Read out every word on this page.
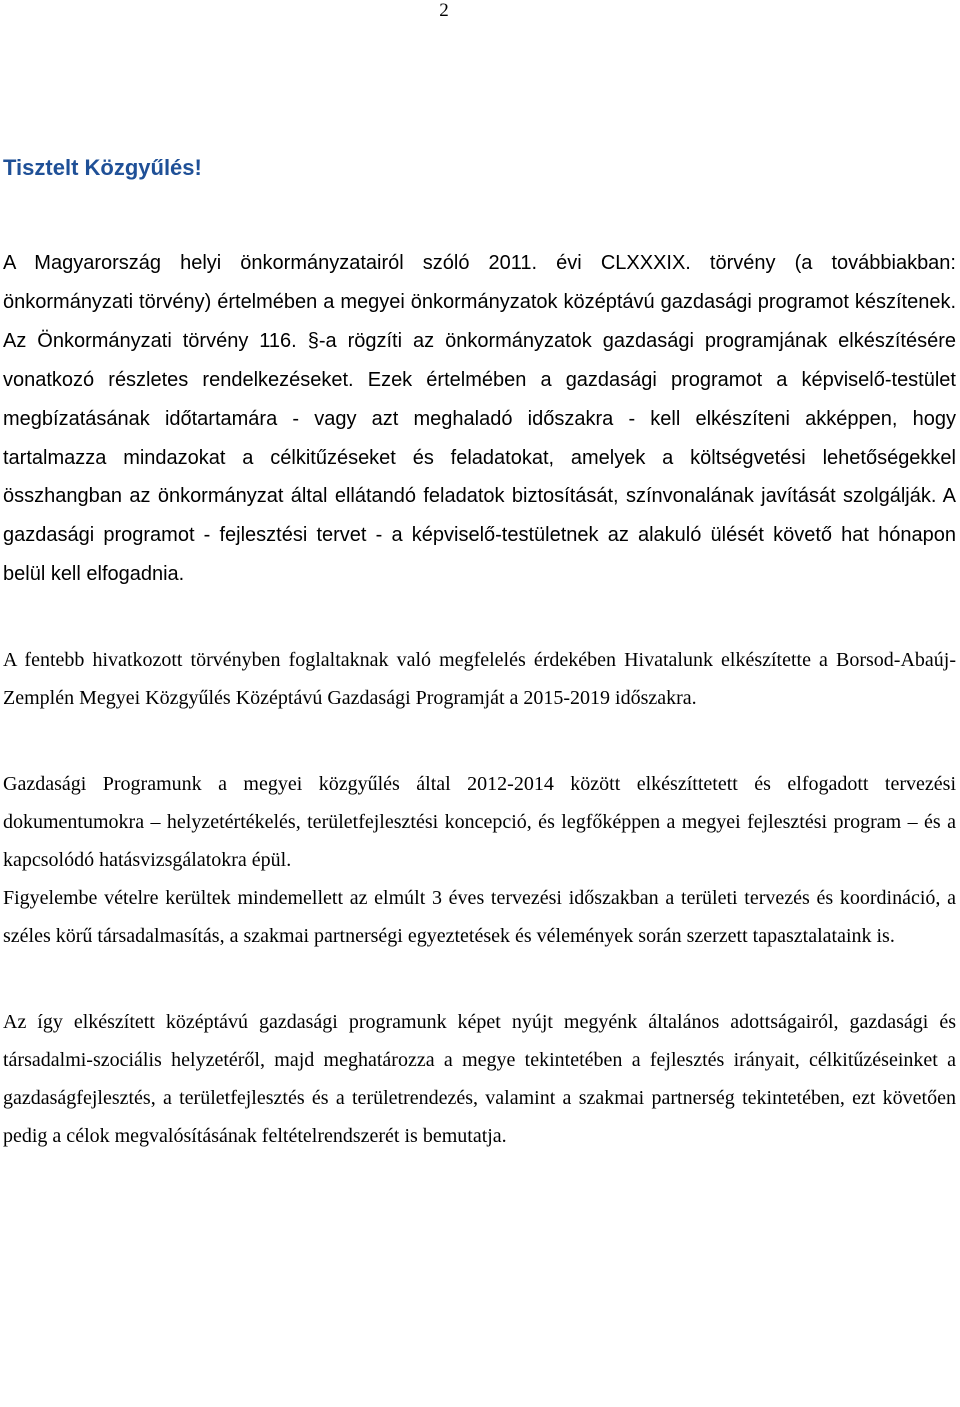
2
Tisztelt Közgyűlés!

A Magyarország helyi önkormányzatairól szóló 2011. évi CLXXXIX. törvény (a továbbiakban: önkormányzati törvény) értelmében a megyei önkormányzatok középtávú gazdasági programot készítenek. Az Önkormányzati törvény 116. §-a rögzíti az önkormányzatok gazdasági programjának elkészítésére vonatkozó részletes rendelkezéseket. Ezek értelmében a gazdasági programot a képviselő-testület megbízatásának időtartamára - vagy azt meghaladó időszakra - kell elkészíteni akképpen, hogy tartalmazza mindazokat a célkitűzéseket és feladatokat, amelyek a költségvetési lehetőségekkel összhangban az önkormányzat által ellátandó feladatok biztosítását, színvonalának javítását szolgálják. A gazdasági programot - fejlesztési tervet - a képviselő-testületnek az alakuló ülését követő hat hónapon belül kell elfogadnia.

A fentebb hivatkozott törvényben foglaltaknak való megfelelés érdekében Hivatalunk elkészítette a Borsod-Abaúj-Zemplén Megyei Közgyűlés Középtávú Gazdasági Programját a 2015-2019 időszakra.

Gazdasági Programunk a megyei közgyűlés által 2012-2014 között elkészíttetett és elfogadott tervezési dokumentumokra – helyzetértékelés, területfejlesztési koncepció, és legfőképpen a megyei fejlesztési program – és a kapcsolódó hatásvizsgálatokra épül.

Figyelembe vételre kerültek mindemellett az elmúlt 3 éves tervezési időszakban a területi tervezés és koordináció, a széles körű társadalmasítás, a szakmai partnerségi egyeztetések és vélemények során szerzett tapasztalataink is.

Az így elkészített középtávú gazdasági programunk képet nyújt megyénk általános adottságairól, gazdasági és társadalmi-szociális helyzetéről, majd meghatározza a megye tekintetében a fejlesztés irányait, célkitűzéseinket a gazdaságfejlesztés, a területfejlesztés és a területrendezés, valamint a szakmai partnerség tekintetében, ezt követően pedig a célok megvalósításának feltételrendszerét is bemutatja.
